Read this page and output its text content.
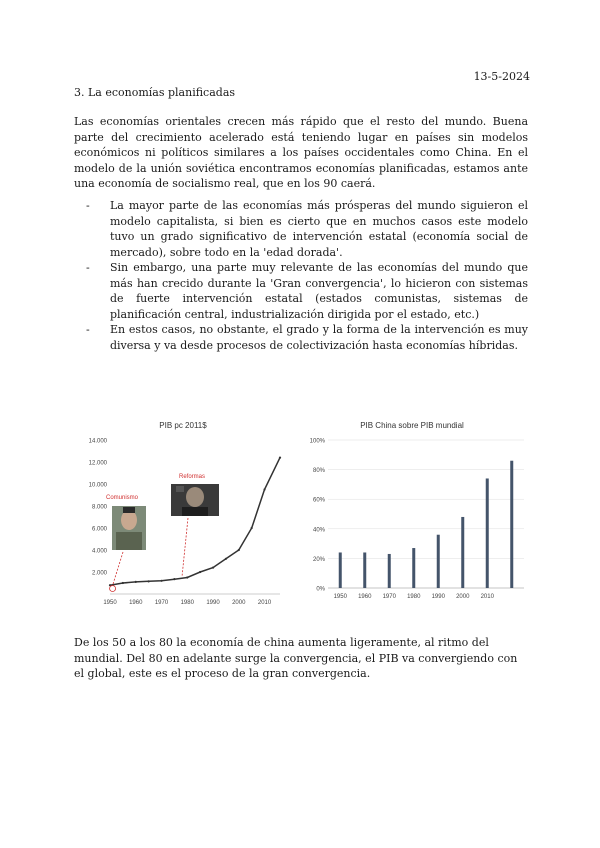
13-5-2024
3. La economías planificadas
Las economías orientales crecen más rápido que el resto del mundo. Buena parte del crecimiento acelerado está teniendo lugar en países sin modelos económicos ni políticos similares a los países occidentales como China. En el modelo de la unión soviética encontramos economías planificadas, estamos ante una economía de socialismo real, que en los 90 caerá.
- La mayor parte de las economías más prósperas del mundo siguieron el modelo capitalista, si bien es cierto que en muchos casos este modelo tuvo un grado significativo de intervención estatal (economía social de mercado), sobre todo en la 'edad dorada'.
- Sin embargo, una parte muy relevante de las economías del mundo que más han crecido durante la 'Gran convergencia', lo hicieron con sistemas de fuerte intervención estatal (estados comunistas, sistemas de planificación central, industrialización dirigida por el estado, etc.)
- En estos casos, no obstante, el grado y la forma de la intervención es muy diversa y va desde procesos de colectivización hasta economías híbridas.
PIB pc 2011$
14.000
12.000
10.000
8.000
6.000
4.000
2.000
1950 1960 1970 1980 1990 2000 2010
Comunismo
Reformas
PIB China sobre PIB mundial
100%
80%
60%
40%
20%
0%
1950 1960 1970 1980 1990 2000 2010
De los 50 a los 80 la economía de china aumenta ligeramente, al ritmo del mundial. Del 80 en adelante surge la convergencia, el PIB va convergiendo con el global, este es el proceso de la gran convergencia.
